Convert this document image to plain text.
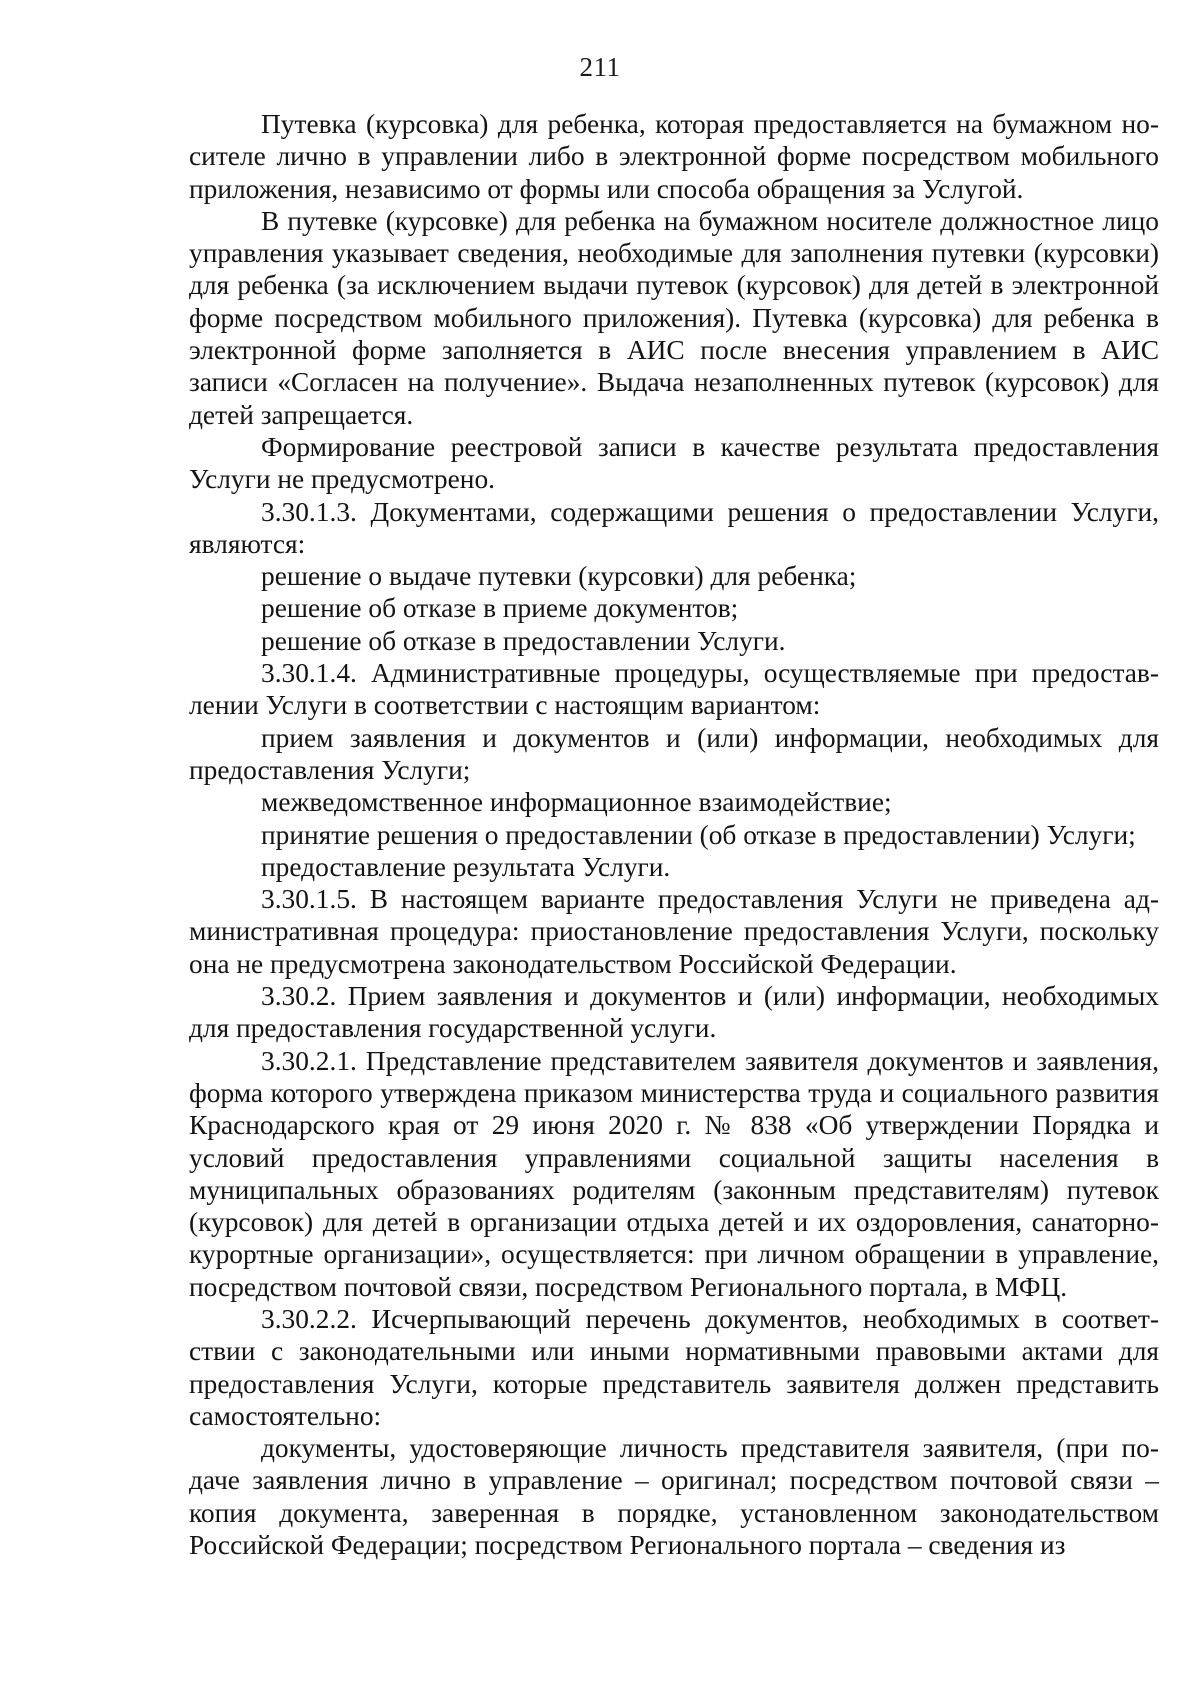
211

Путевка (курсовка) для ребенка, которая предоставляется на бумажном носителе лично в управлении либо в электронной форме посредством мобильного приложения, независимо от формы или способа обращения за Услугой.

В путевке (курсовке) для ребенка на бумажном носителе должностное лицо управления указывает сведения, необходимые для заполнения путевки (курсовки) для ребенка (за исключением выдачи путевок (курсовок) для детей в электронной форме посредством мобильного приложения). Путевка (курсовка) для ребенка в электронной форме заполняется в АИС после внесения управлением в АИС записи «Согласен на получение». Выдача незаполненных путевок (курсовок) для детей запрещается.

Формирование реестровой записи в качестве результата предоставления Услуги не предусмотрено.

3.30.1.3. Документами, содержащими решения о предоставлении Услуги, являются:

решение о выдаче путевки (курсовки) для ребенка;

решение об отказе в приеме документов;

решение об отказе в предоставлении Услуги.

3.30.1.4. Административные процедуры, осуществляемые при предоставлении Услуги в соответствии с настоящим вариантом:

прием заявления и документов и (или) информации, необходимых для предоставления Услуги;

межведомственное информационное взаимодействие;

принятие решения о предоставлении (об отказе в предоставлении) Услуги;

предоставление результата Услуги.

3.30.1.5. В настоящем варианте предоставления Услуги не приведена административная процедура: приостановление предоставления Услуги, поскольку она не предусмотрена законодательством Российской Федерации.

3.30.2. Прием заявления и документов и (или) информации, необходимых для предоставления государственной услуги.

3.30.2.1. Представление представителем заявителя документов и заявления, форма которого утверждена приказом министерства труда и социального развития Краснодарского края от 29 июня 2020 г. № 838 «Об утверждении Порядка и условий предоставления управлениями социальной защиты населения в муниципальных образованиях родителям (законным представителям) путевок (курсовок) для детей в организации отдыха детей и их оздоровления, санаторно-курортные организации», осуществляется: при личном обращении в управление, посредством почтовой связи, посредством Регионального портала, в МФЦ.

3.30.2.2. Исчерпывающий перечень документов, необходимых в соответствии с законодательными или иными нормативными правовыми актами для предоставления Услуги, которые представитель заявителя должен представить самостоятельно:

документы, удостоверяющие личность представителя заявителя, (при подаче заявления лично в управление – оригинал; посредством почтовой связи – копия документа, заверенная в порядке, установленном законодательством Российской Федерации; посредством Регионального портала – сведения из
